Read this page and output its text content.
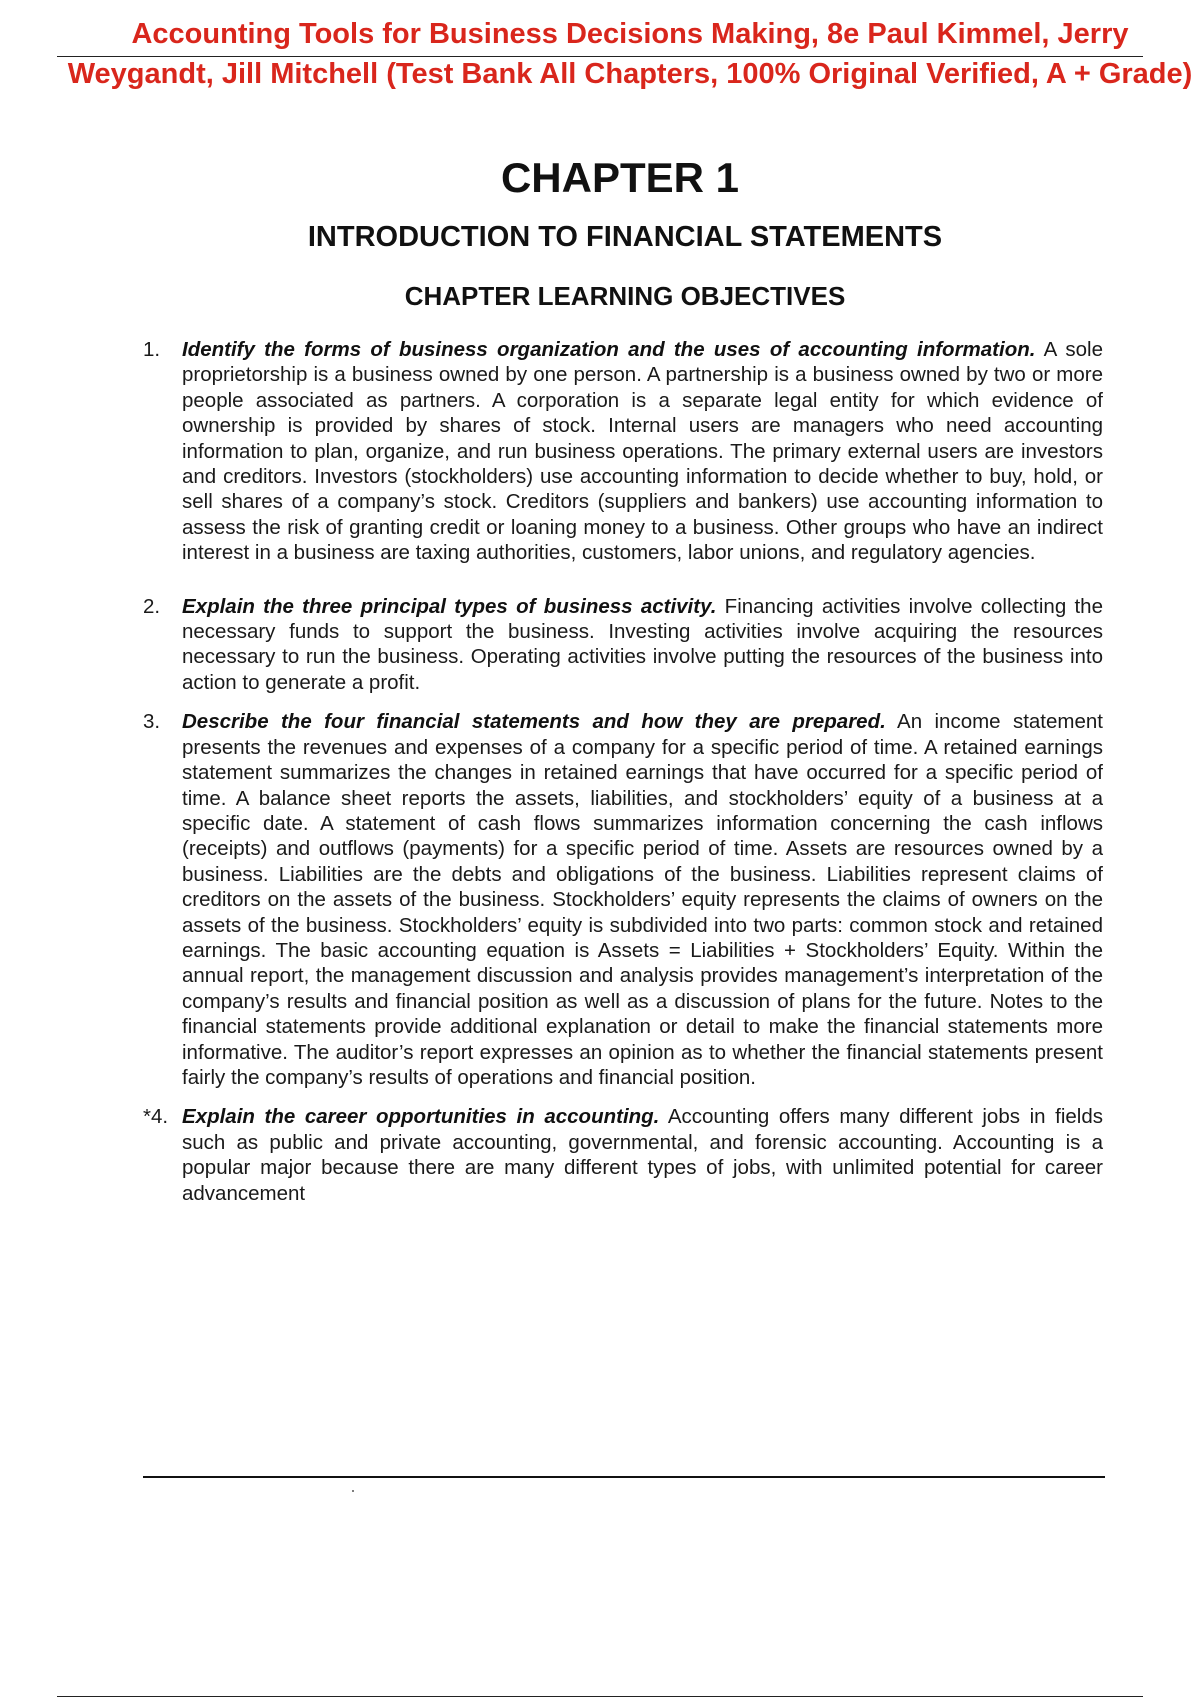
Accounting Tools for Business Decisions Making, 8e Paul Kimmel, Jerry Weygandt, Jill Mitchell (Test Bank All Chapters, 100% Original Verified, A + Grade)
CHAPTER 1
INTRODUCTION TO FINANCIAL STATEMENTS
CHAPTER LEARNING OBJECTIVES
1.	Identify the forms of business organization and the uses of accounting information. A sole proprietorship is a business owned by one person. A partnership is a business owned by two or more people associated as partners. A corporation is a separate legal entity for which evidence of ownership is provided by shares of stock. Internal users are managers who need accounting information to plan, organize, and run business operations. The primary external users are investors and creditors. Investors (stockholders) use accounting information to decide whether to buy, hold, or sell shares of a company’s stock. Creditors (suppliers and bankers) use accounting information to assess the risk of granting credit or loaning money to a business. Other groups who have an indirect interest in a business are taxing authorities, customers, labor unions, and regulatory agencies.
2.	Explain the three principal types of business activity. Financing activities involve collecting the necessary funds to support the business. Investing activities involve acquiring the resources necessary to run the business. Operating activities involve putting the resources of the business into action to generate a profit.
3.	Describe the four financial statements and how they are prepared. An income statement presents the revenues and expenses of a company for a specific period of time. A retained earnings statement summarizes the changes in retained earnings that have occurred for a specific period of time. A balance sheet reports the assets, liabilities, and stockholders’ equity of a business at a specific date. A statement of cash flows summarizes information concerning the cash inflows (receipts) and outflows (payments) for a specific period of time. Assets are resources owned by a business. Liabilities are the debts and obligations of the business. Liabilities represent claims of creditors on the assets of the business. Stockholders’ equity represents the claims of owners on the assets of the business. Stockholders’ equity is subdivided into two parts: common stock and retained earnings. The basic accounting equation is Assets = Liabilities + Stockholders’ Equity. Within the annual report, the management discussion and analysis provides management’s interpretation of the company’s results and financial position as well as a discussion of plans for the future. Notes to the financial statements provide additional explanation or detail to make the financial statements more informative. The auditor’s report expresses an opinion as to whether the financial statements present fairly the company’s results of operations and financial position.
*4. Explain the career opportunities in accounting. Accounting offers many different jobs in fields such as public and private accounting, governmental, and forensic accounting. Accounting is a popular major because there are many different types of jobs, with unlimited potential for career advancement
